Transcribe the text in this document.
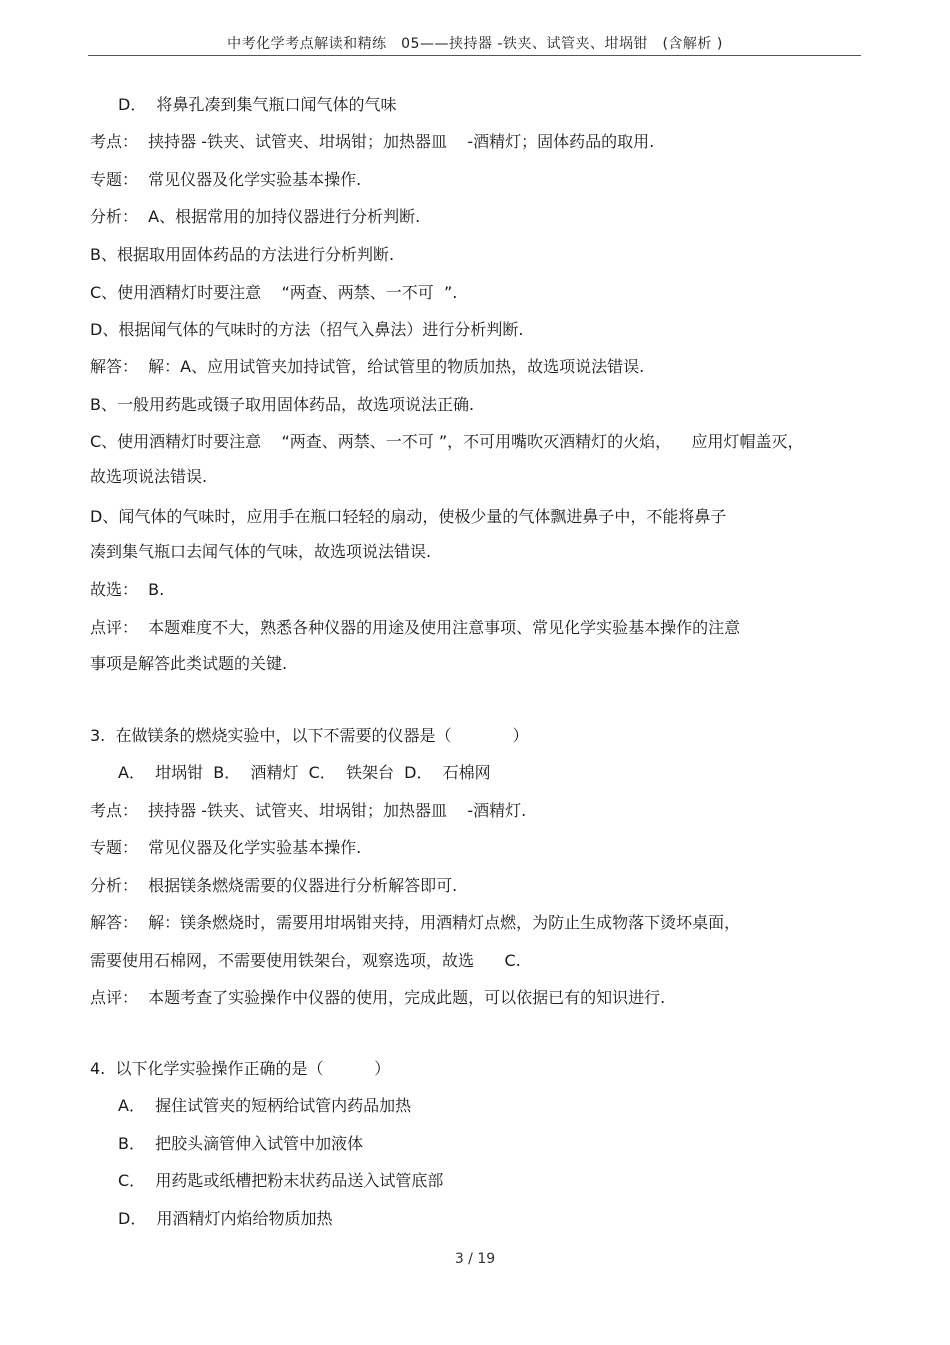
中考化学考点解读和精练　05——挟持器 -铁夹、试管夹、坩埚钳　(含解析 )
D．  将鼻孔凑到集气瓶口闻气体的气味
考点：  挟持器 -铁夹、试管夹、坩埚钳；加热器皿    -酒精灯；固体药品的取用.
专题：  常见仪器及化学实验基本操作.
分析：  A、根据常用的加持仪器进行分析判断.
B、根据取用固体药品的方法进行分析判断.
C、使用酒精灯时要注意    “两查、两禁、一不可  ”.
D、根据闻气体的气味时的方法（招气入鼻法）进行分析判断.
解答：  解：A、应用试管夹加持试管，给试管里的物质加热，故选项说法错误.
B、一般用药匙或镊子取用固体药品，故选项说法正确.
C、使用酒精灯时要注意    “两查、两禁、一不可 ”，不可用嘴吹灭酒精灯的火焰，    应用灯帽盖灭，
故选项说法错误.
D、闻气体的气味时，应用手在瓶口轻轻的扇动，使极少量的气体飘进鼻子中，不能将鼻子
凑到集气瓶口去闻气体的气味，故选项说法错误.
故选：  B.
点评：  本题难度不大，熟悉各种仪器的用途及使用注意事项、常见化学实验基本操作的注意
事项是解答此类试题的关键.
3.  在做镁条的燃烧实验中，以下不需要的仪器是（            ）
A．  坩埚钳  B．  酒精灯  C．  铁架台  D．  石棉网
考点：  挟持器 -铁夹、试管夹、坩埚钳；加热器皿    -酒精灯.
专题：  常见仪器及化学实验基本操作.
分析：  根据镁条燃烧需要的仪器进行分析解答即可.
解答：  解：镁条燃烧时，需要用坩埚钳夹持，用酒精灯点燃，为防止生成物落下烫坏桌面，
需要使用石棉网，不需要使用铁架台，观察选项，故选      C.
点评：  本题考查了实验操作中仪器的使用，完成此题，可以依据已有的知识进行.
4.  以下化学实验操作正确的是（          ）
A．  握住试管夹的短柄给试管内药品加热
B．  把胶头滴管伸入试管中加液体
C．  用药匙或纸槽把粉末状药品送入试管底部
D．  用酒精灯内焰给物质加热
3 / 19
